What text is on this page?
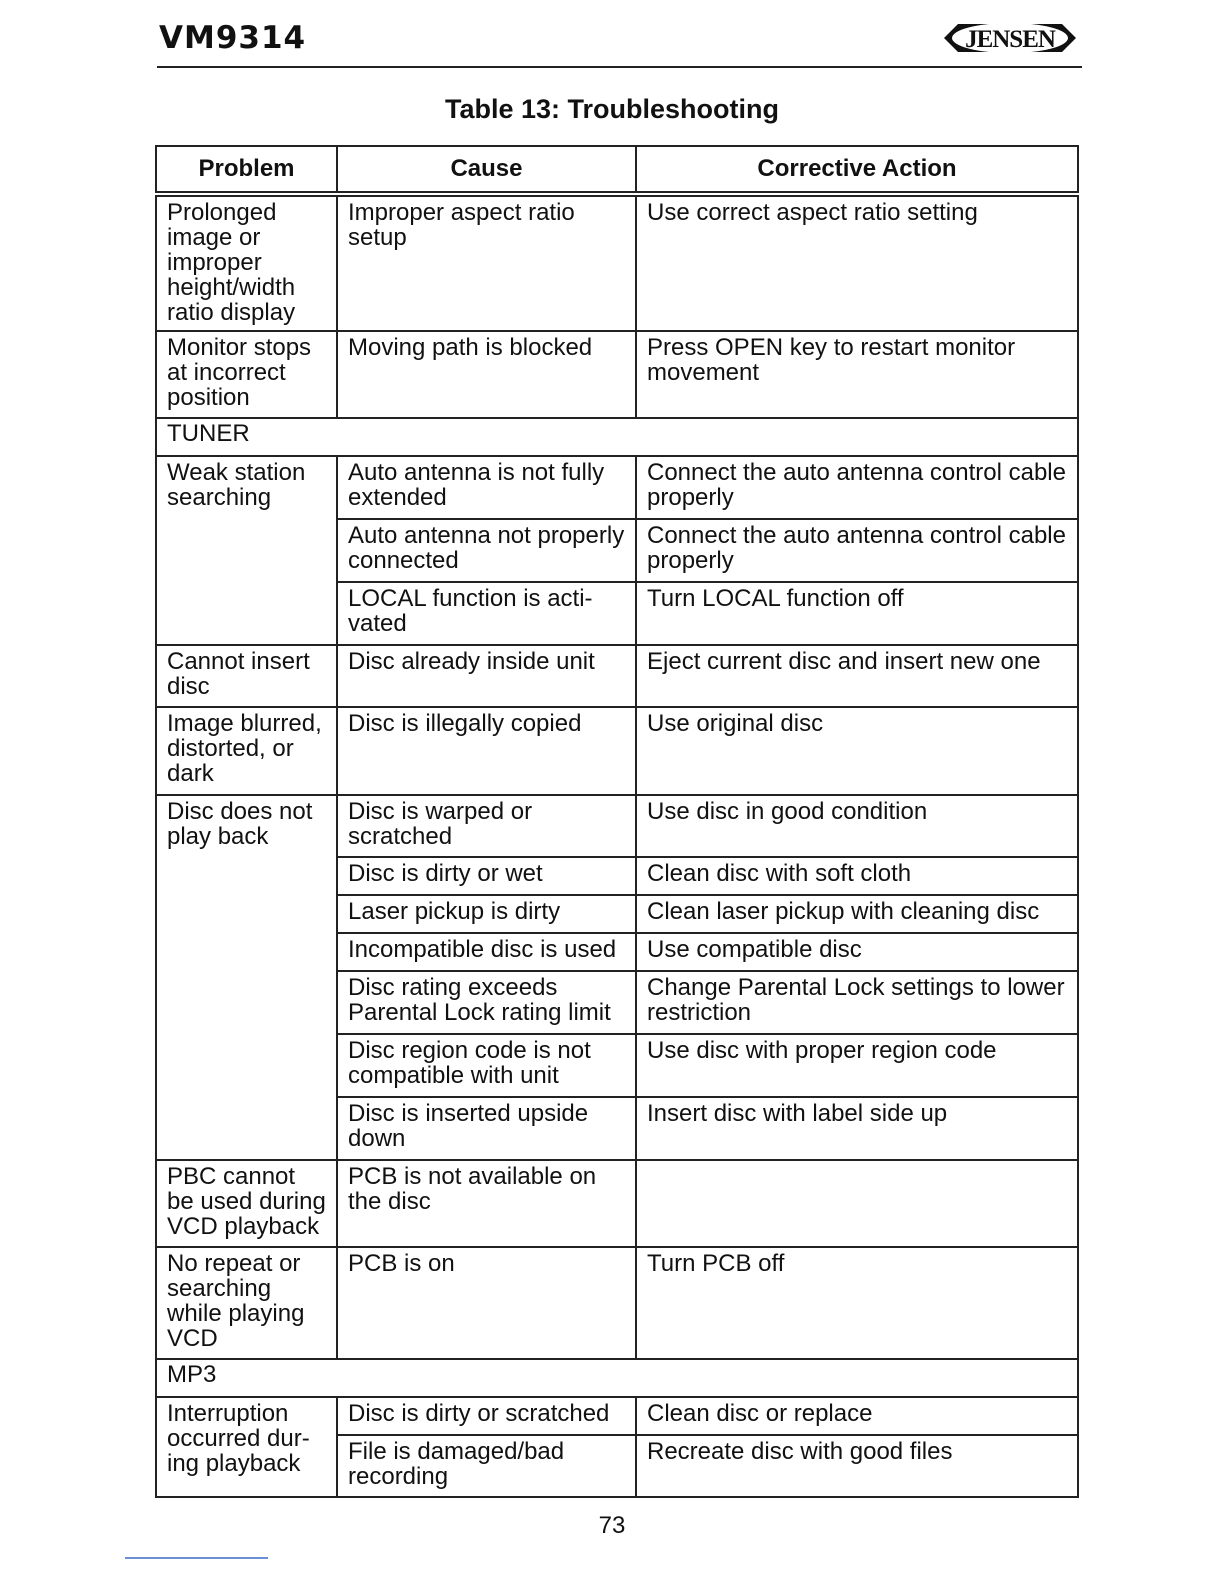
VM9314	JENSEN
Table 13: Troubleshooting
Problem	Cause	Corrective Action
Prolonged image or improper height/width ratio display	Improper aspect ratio setup	Use correct aspect ratio setting
Monitor stops at incorrect position	Moving path is blocked	Press OPEN key to restart monitor movement
TUNER		
Weak station searching	Auto antenna is not fully extended	Connect the auto antenna control cable properly
	Auto antenna not properly connected	Connect the auto antenna control cable properly
	LOCAL function is acti-vated	Turn LOCAL function off
Cannot insert disc	Disc already inside unit	Eject current disc and insert new one
Image blurred, distorted, or dark	Disc is illegally copied	Use original disc
Disc does not play back	Disc is warped or scratched	Use disc in good condition
	Disc is dirty or wet	Clean disc with soft cloth
	Laser pickup is dirty	Clean laser pickup with cleaning disc
	Incompatible disc is used	Use compatible disc
	Disc rating exceeds Parental Lock rating limit	Change Parental Lock settings to lower restriction
	Disc region code is not compatible with unit	Use disc with proper region code
	Disc is inserted upside down	Insert disc with label side up
PBC cannot be used during VCD playback	PCB is not available on the disc	
No repeat or searching while playing VCD	PCB is on	Turn PCB off
MP3		
Interruption occurred dur-ing playback	Disc is dirty or scratched	Clean disc or replace
	File is damaged/bad recording	Recreate disc with good files
73
